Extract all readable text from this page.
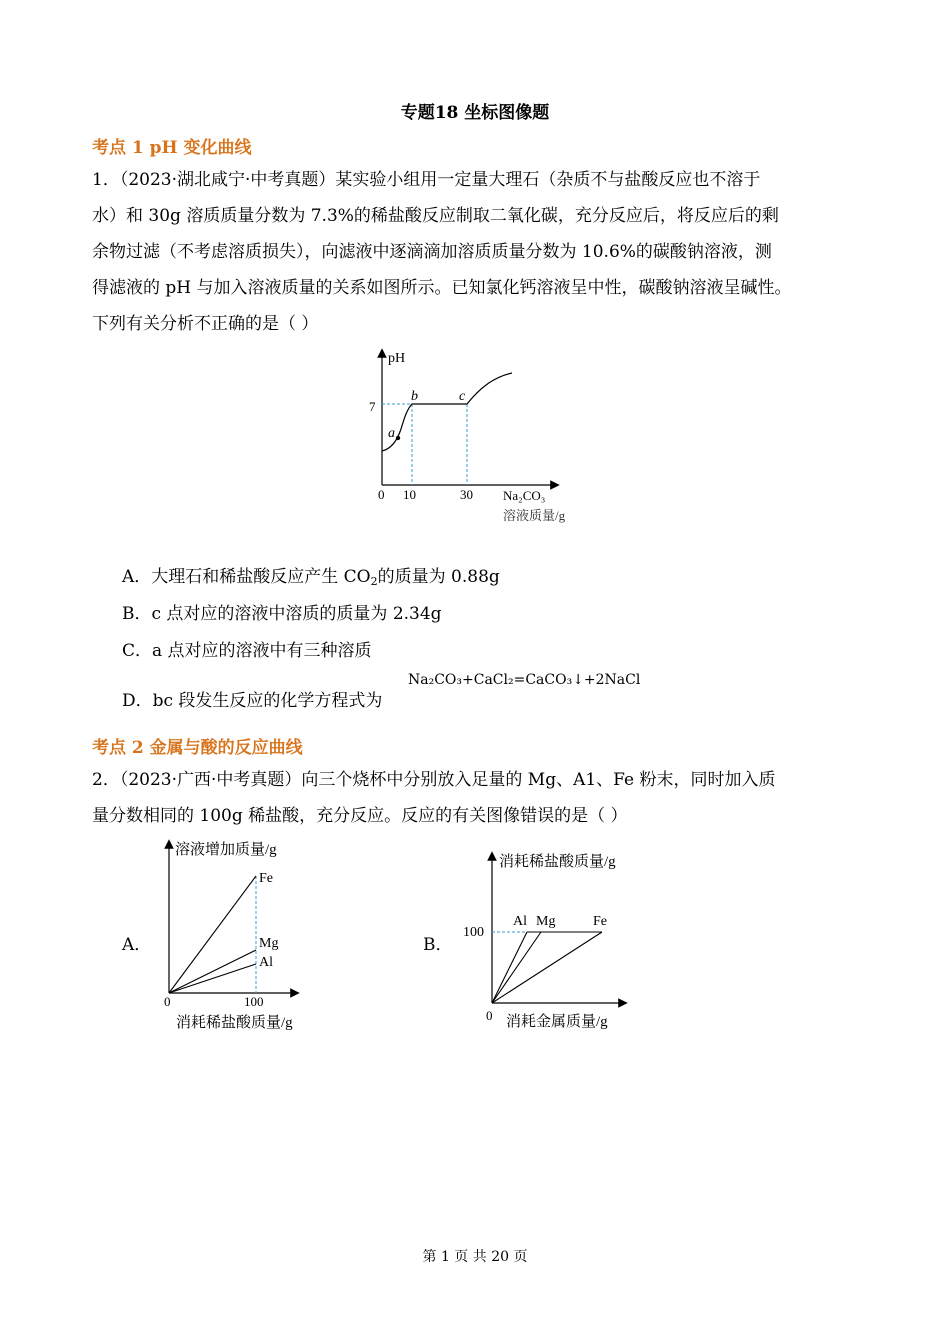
专题18 坐标图像题
考点 1 pH 变化曲线
1．（2023·湖北咸宁·中考真题）某实验小组用一定量大理石（杂质不与盐酸反应也不溶于
水）和 30g 溶质质量分数为 7.3%的稀盐酸反应制取二氧化碳，充分反应后，将反应后的剩
余物过滤（不考虑溶质损失），向滤液中逐滴滴加溶质质量分数为 10.6%的碳酸钠溶液，测
得滤液的 pH 与加入溶液质量的关系如图所示。已知氯化钙溶液呈中性，碳酸钠溶液呈碱性。
下列有关分析不正确的是（ ）
pH
7
0 10	30 Na₂CO₃
溶液质量/g
a
b	c
A．大理石和稀盐酸反应产生 $CO_2$的质量为 0.88g
B．c 点对应的溶液中溶质的质量为 2.34g
C．a 点对应的溶液中有三种溶质
D．bc 段发生反应的化学方程式为
Na₂CO₃+CaCl₂=CaCO₃↓+2NaCl
考点 2 金属与酸的反应曲线
2．（2023·广西·中考真题）向三个烧杯中分别放入足量的 Mg、A1、Fe 粉末，同时加入质
量分数相同的 100g 稀盐酸，充分反应。反应的有关图像错误的是（ ）
A．
溶液增加质量/g
0	100
消耗稀盐酸质量/g
Fe
Mg
Al
B．
消耗稀盐酸质量/g
100
0 消耗金属质量/g
Al Mg	Fe
第 1 页 共 20 页
